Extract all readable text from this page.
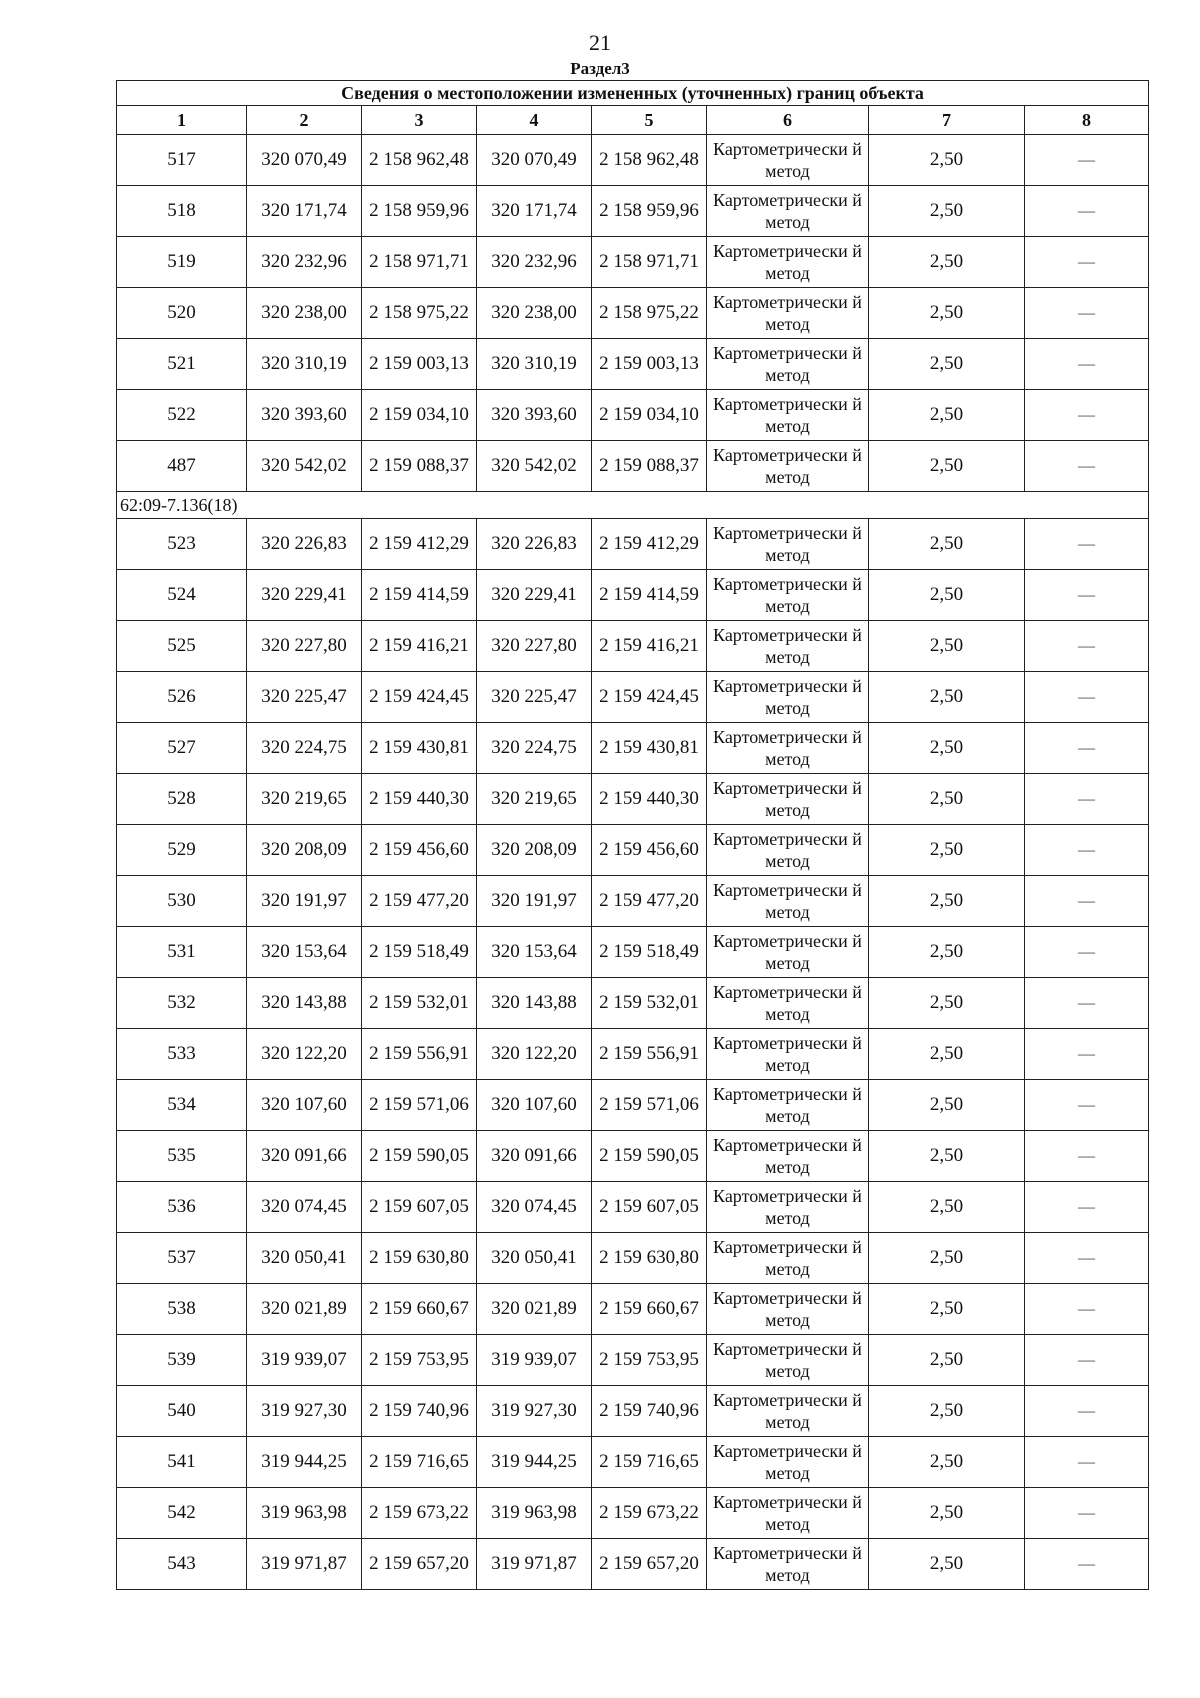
21
Раздел3
Сведения о местоположении измененных (уточненных) границ объекта							
1	2	3	4	5	6	7	8
517	320 070,49	2 158 962,48	320 070,49	2 158 962,48	Картометрически й метод	2,50	—
518	320 171,74	2 158 959,96	320 171,74	2 158 959,96	Картометрически й метод	2,50	—
519	320 232,96	2 158 971,71	320 232,96	2 158 971,71	Картометрически й метод	2,50	—
520	320 238,00	2 158 975,22	320 238,00	2 158 975,22	Картометрически й метод	2,50	—
521	320 310,19	2 159 003,13	320 310,19	2 159 003,13	Картометрически й метод	2,50	—
522	320 393,60	2 159 034,10	320 393,60	2 159 034,10	Картометрически й метод	2,50	—
487	320 542,02	2 159 088,37	320 542,02	2 159 088,37	Картометрически й метод	2,50	—
62:09-7.136(18)							
523	320 226,83	2 159 412,29	320 226,83	2 159 412,29	Картометрически й метод	2,50	—
524	320 229,41	2 159 414,59	320 229,41	2 159 414,59	Картометрически й метод	2,50	—
525	320 227,80	2 159 416,21	320 227,80	2 159 416,21	Картометрически й метод	2,50	—
526	320 225,47	2 159 424,45	320 225,47	2 159 424,45	Картометрически й метод	2,50	—
527	320 224,75	2 159 430,81	320 224,75	2 159 430,81	Картометрически й метод	2,50	—
528	320 219,65	2 159 440,30	320 219,65	2 159 440,30	Картометрически й метод	2,50	—
529	320 208,09	2 159 456,60	320 208,09	2 159 456,60	Картометрически й метод	2,50	—
530	320 191,97	2 159 477,20	320 191,97	2 159 477,20	Картометрически й метод	2,50	—
531	320 153,64	2 159 518,49	320 153,64	2 159 518,49	Картометрически й метод	2,50	—
532	320 143,88	2 159 532,01	320 143,88	2 159 532,01	Картометрически й метод	2,50	—
533	320 122,20	2 159 556,91	320 122,20	2 159 556,91	Картометрически й метод	2,50	—
534	320 107,60	2 159 571,06	320 107,60	2 159 571,06	Картометрически й метод	2,50	—
535	320 091,66	2 159 590,05	320 091,66	2 159 590,05	Картометрически й метод	2,50	—
536	320 074,45	2 159 607,05	320 074,45	2 159 607,05	Картометрически й метод	2,50	—
537	320 050,41	2 159 630,80	320 050,41	2 159 630,80	Картометрически й метод	2,50	—
538	320 021,89	2 159 660,67	320 021,89	2 159 660,67	Картометрически й метод	2,50	—
539	319 939,07	2 159 753,95	319 939,07	2 159 753,95	Картометрически й метод	2,50	—
540	319 927,30	2 159 740,96	319 927,30	2 159 740,96	Картометрически й метод	2,50	—
541	319 944,25	2 159 716,65	319 944,25	2 159 716,65	Картометрически й метод	2,50	—
542	319 963,98	2 159 673,22	319 963,98	2 159 673,22	Картометрически й метод	2,50	—
543	319 971,87	2 159 657,20	319 971,87	2 159 657,20	Картометрически й метод	2,50	—
